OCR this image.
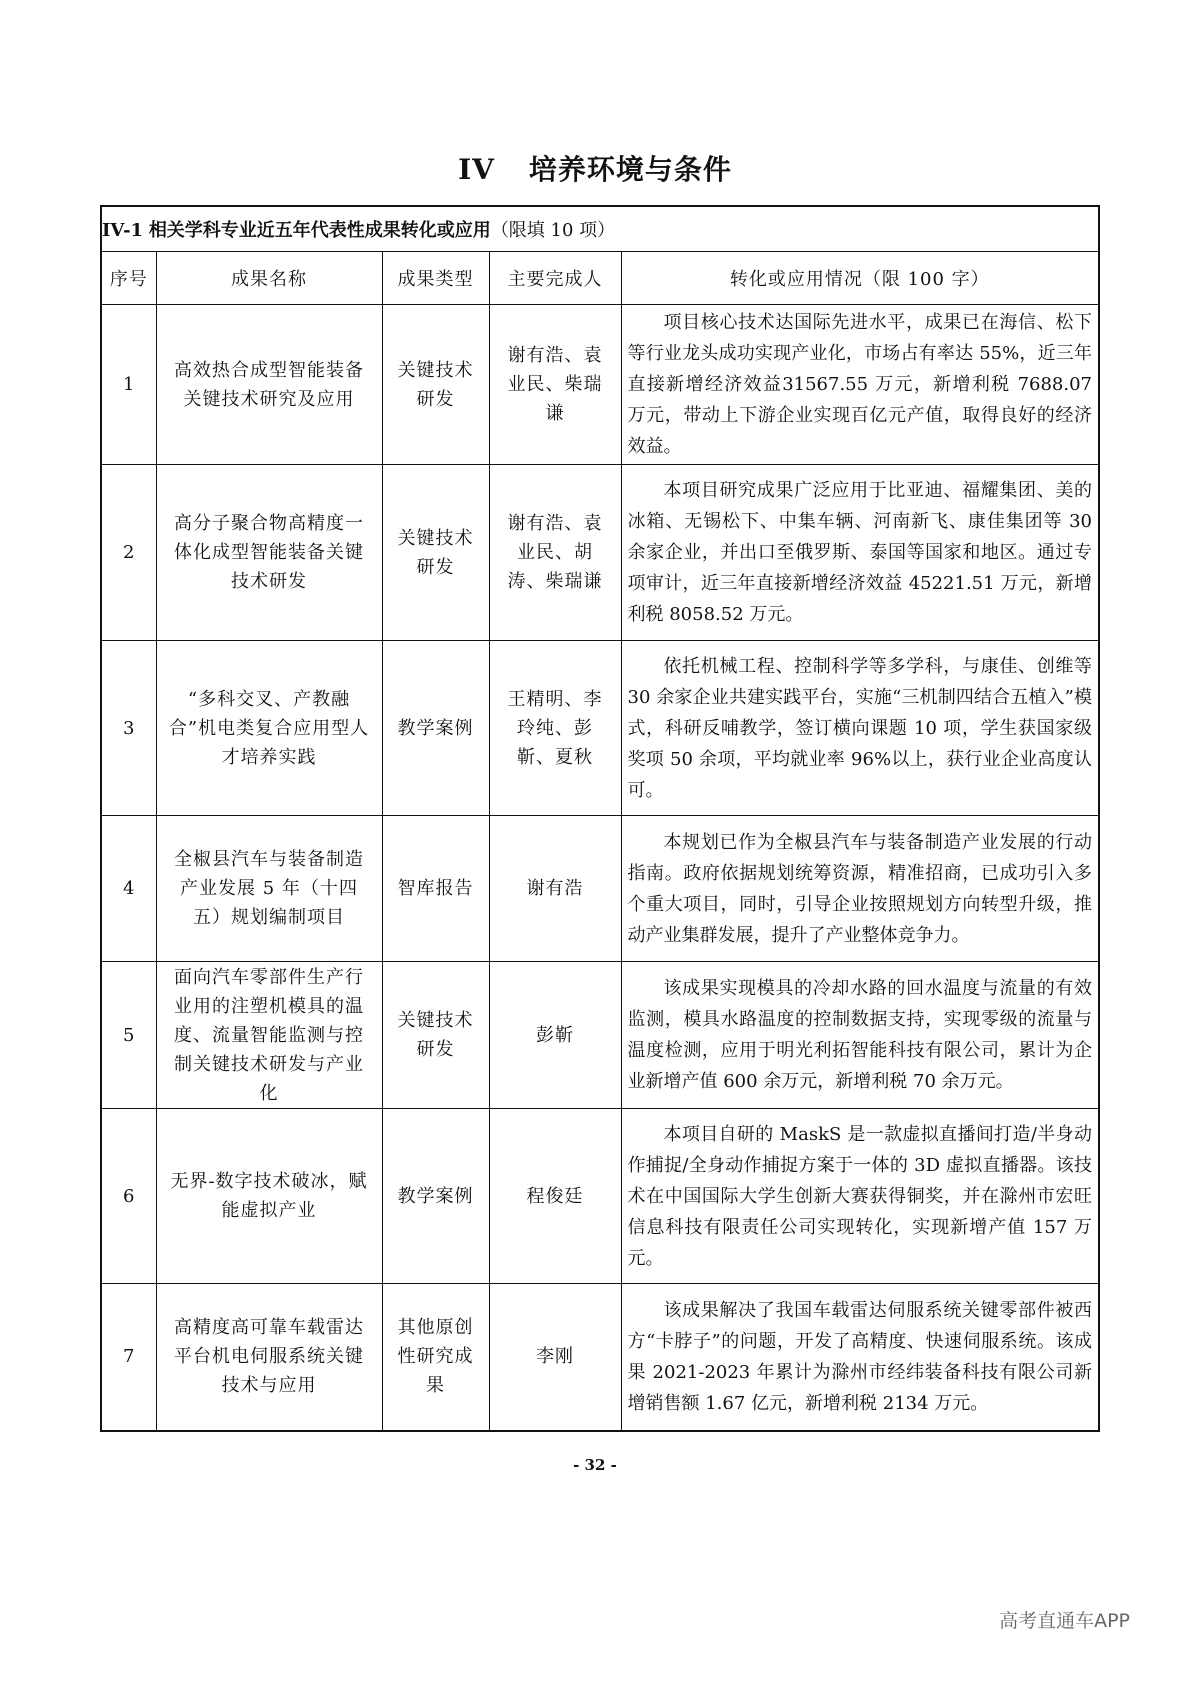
IV 培养环境与条件
IV-1 相关学科专业近五年代表性成果转化或应用（限填 10 项）				
序号	成果名称	成果类型	主要完成人	转化或应用情况（限 100 字）
1	高效热合成型智能装备关键技术研究及应用	关键技术研发	谢有浩、袁业民、柴瑞谦	项目核心技术达国际先进水平，成果已在海信、松下等行业龙头成功实现产业化，市场占有率达 55%，近三年直接新增经济效益31567.55 万元，新增利税 7688.07 万元，带动上下游企业实现百亿元产值，取得良好的经济效益。

2	高分子聚合物高精度一体化成型智能装备关键技术研发	关键技术研发	谢有浩、袁业民、胡涛、柴瑞谦	本项目研究成果广泛应用于比亚迪、福耀集团、美的冰箱、无锡松下、中集车辆、河南新飞、康佳集团等 30 余家企业，并出口至俄罗斯、泰国等国家和地区。通过专项审计，近三年直接新增经济效益 45221.51 万元，新增利税 8058.52 万元。

3	“多科交叉、产教融合”机电类复合应用型人才培养实践	教学案例	王精明、李玲纯、彭靳、夏秋	依托机械工程、控制科学等多学科，与康佳、创维等 30 余家企业共建实践平台，实施“三机制四结合五植入”模式，科研反哺教学，签订横向课题 10 项，学生获国家级奖项 50 余项，平均就业率 96%以上，获行业企业高度认可。

4	全椒县汽车与装备制造产业发展 5 年（十四五）规划编制项目	智库报告	谢有浩	本规划已作为全椒县汽车与装备制造产业发展的行动指南。政府依据规划统筹资源，精准招商，已成功引入多个重大项目，同时，引导企业按照规划方向转型升级，推动产业集群发展，提升了产业整体竞争力。

5	面向汽车零部件生产行业用的注塑机模具的温度、流量智能监测与控制关键技术研发与产业化	关键技术研发	彭靳	该成果实现模具的冷却水路的回水温度与流量的有效监测，模具水路温度的控制数据支持，实现零级的流量与温度检测，应用于明光利拓智能科技有限公司，累计为企业新增产值 600 余万元，新增利税 70 余万元。

6	无界-数字技术破冰，赋能虚拟产业	教学案例	程俊廷	本项目自研的 MaskS 是一款虚拟直播间打造/半身动作捕捉/全身动作捕捉方案于一体的 3D 虚拟直播器。该技术在中国国际大学生创新大赛获得铜奖，并在滁州市宏旺信息科技有限责任公司实现转化，实现新增产值 157 万元。

7	高精度高可靠车载雷达平台机电伺服系统关键技术与应用	其他原创性研究成果	李刚	该成果解决了我国车载雷达伺服系统关键零部件被西方“卡脖子”的问题，开发了高精度、快速伺服系统。该成果 2021-2023 年累计为滁州市经纬装备科技有限公司新增销售额 1.67 亿元，新增利税 2134 万元。
- 32 -
高考直通车APP
